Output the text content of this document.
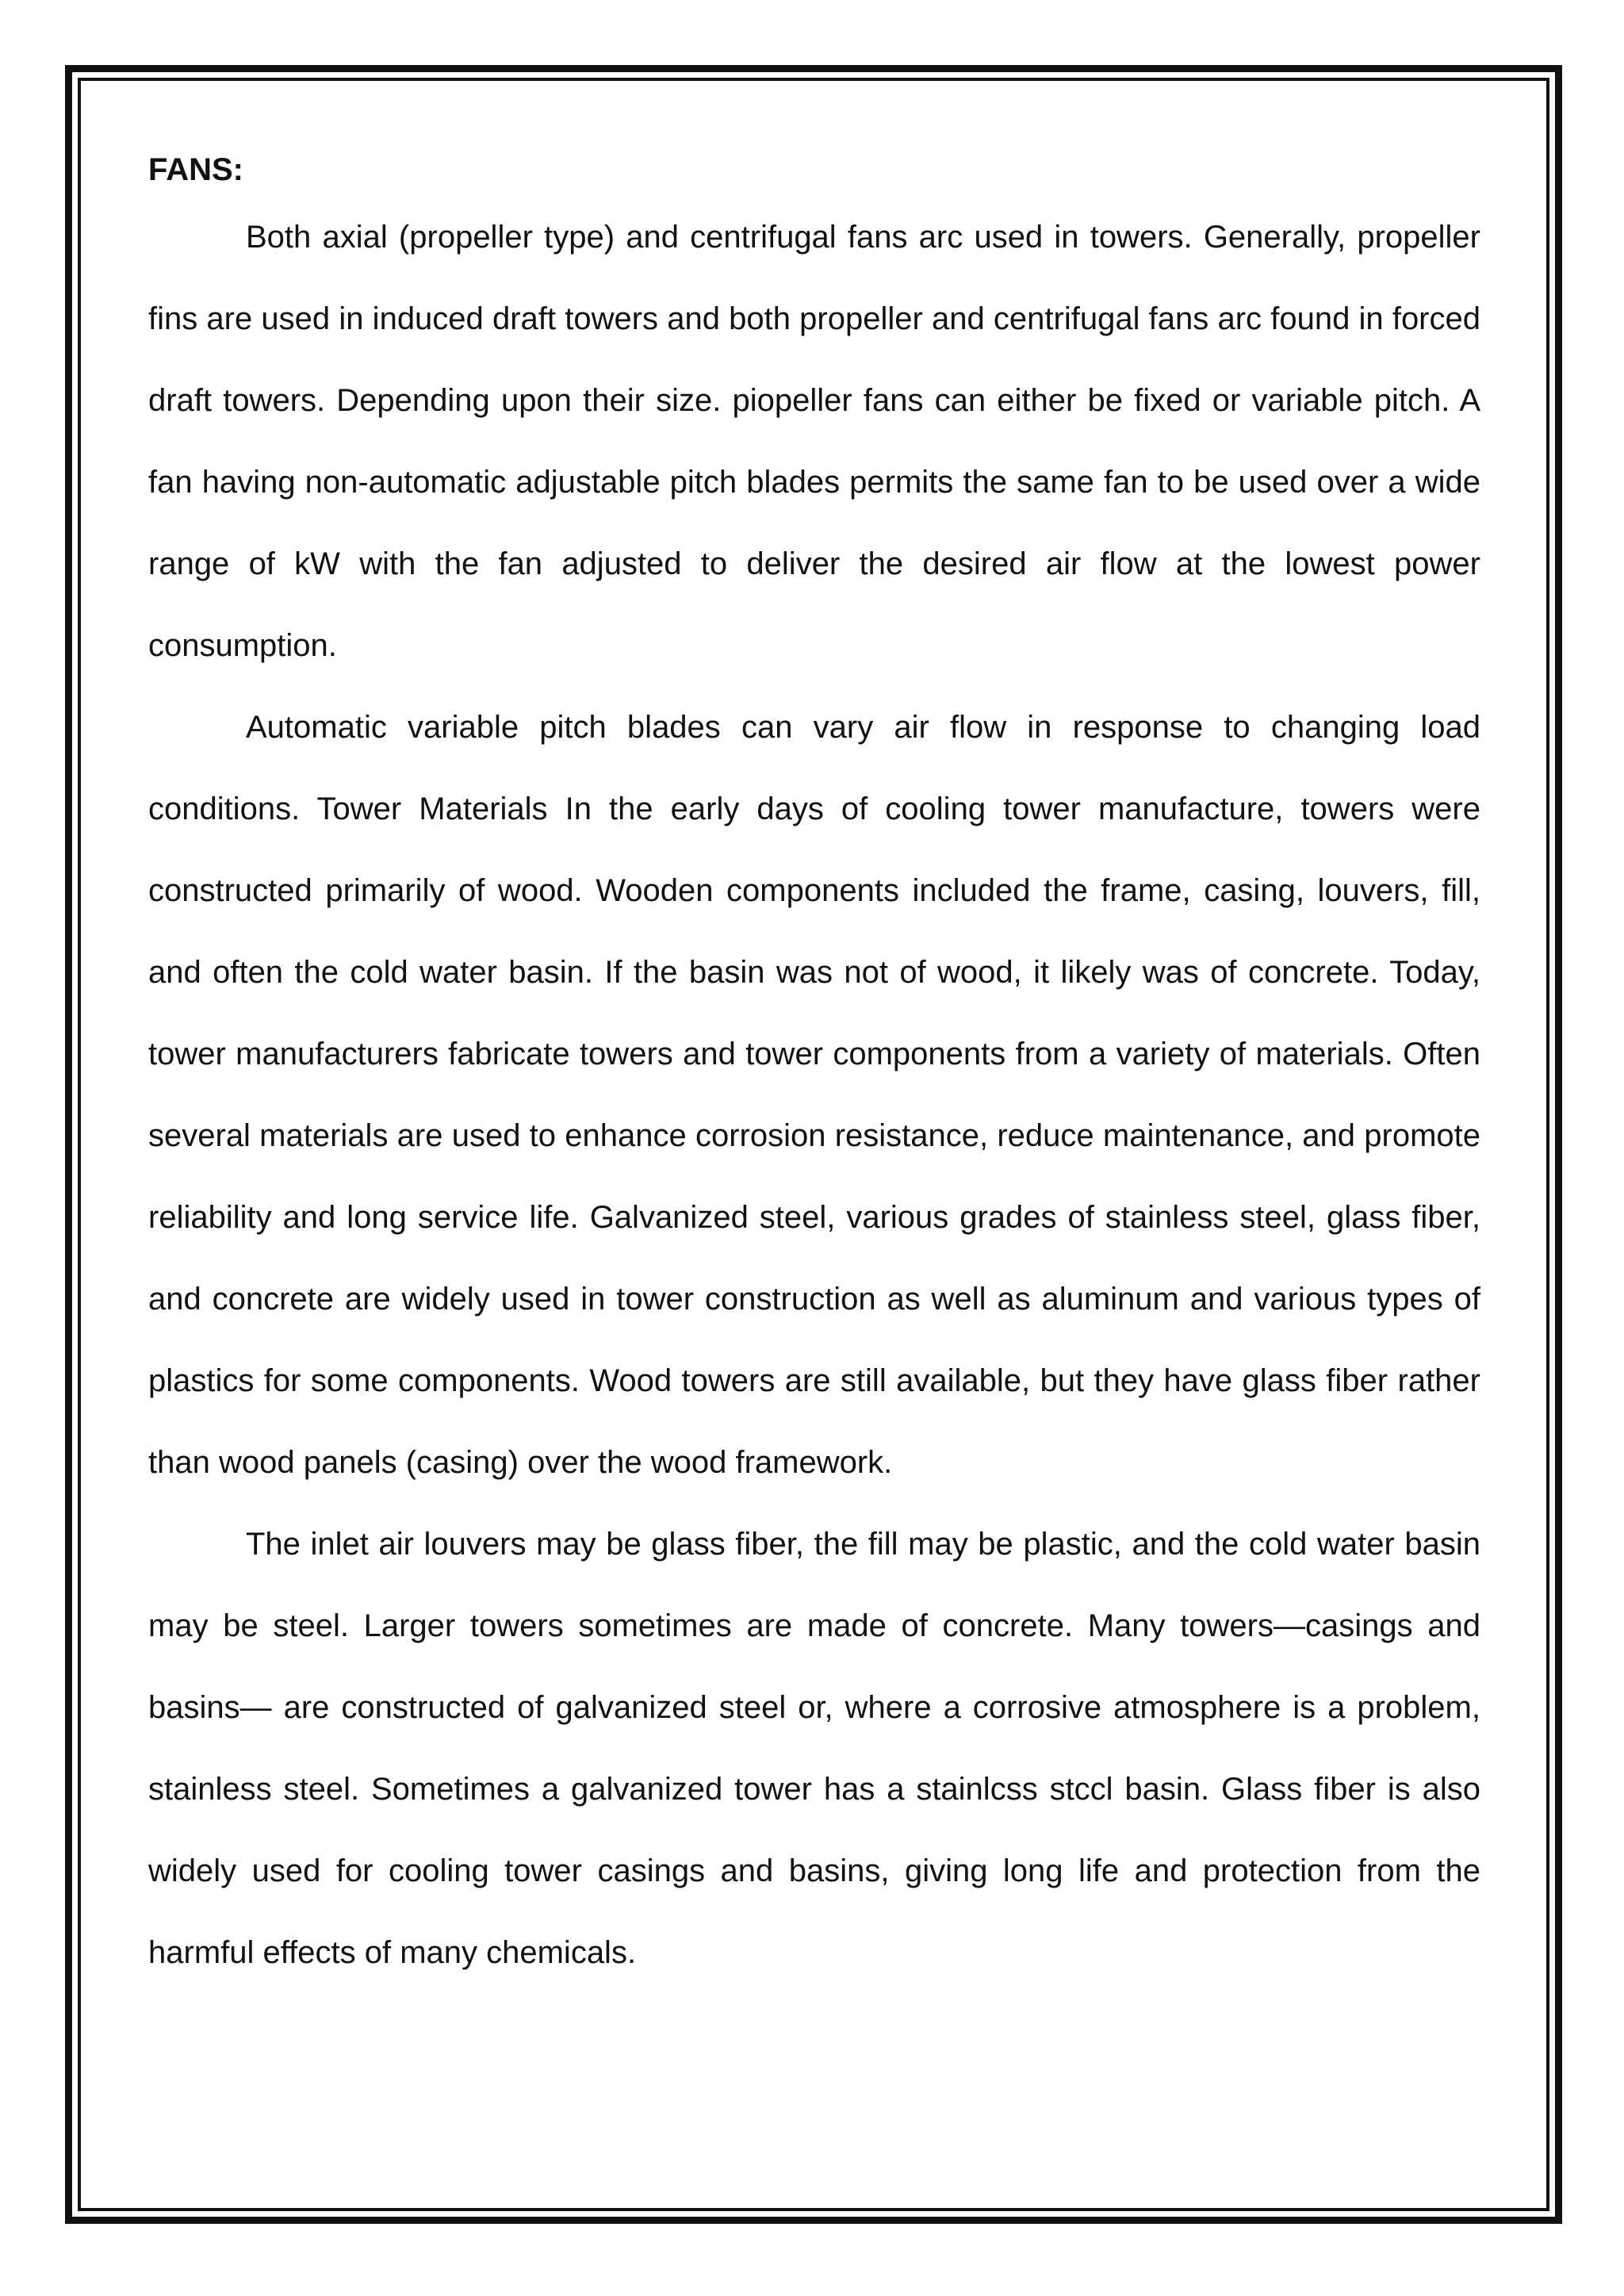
FANS:

Both axial (propeller type) and centrifugal fans arc used in towers. Generally, propeller fins are used in induced draft towers and both propeller and centrifugal fans arc found in forced draft towers. Depending upon their size. piopeller fans can either be fixed or variable pitch. A fan having non-automatic adjustable pitch blades permits the same fan to be used over a wide range of kW with the fan adjusted to deliver the desired air flow at the lowest power consumption.

Automatic variable pitch blades can vary air flow in response to changing load conditions. Tower Materials In the early days of cooling tower manufacture, towers were constructed primarily of wood. Wooden components included the frame, casing, louvers, fill, and often the cold water basin. If the basin was not of wood, it likely was of concrete. Today, tower manufacturers fabricate towers and tower components from a variety of materials. Often several materials are used to enhance corrosion resistance, reduce maintenance, and promote reliability and long service life. Galvanized steel, various grades of stainless steel, glass fiber, and concrete are widely used in tower construction as well as aluminum and various types of plastics for some components. Wood towers are still available, but they have glass fiber rather than wood panels (casing) over the wood framework.

The inlet air louvers may be glass fiber, the fill may be plastic, and the cold water basin may be steel. Larger towers sometimes are made of concrete. Many towers—casings and basins— are constructed of galvanized steel or, where a corrosive atmosphere is a problem, stainless steel. Sometimes a galvanized tower has a stainlcss stccl basin. Glass fiber is also widely used for cooling tower casings and basins, giving long life and protection from the harmful effects of many chemicals.
